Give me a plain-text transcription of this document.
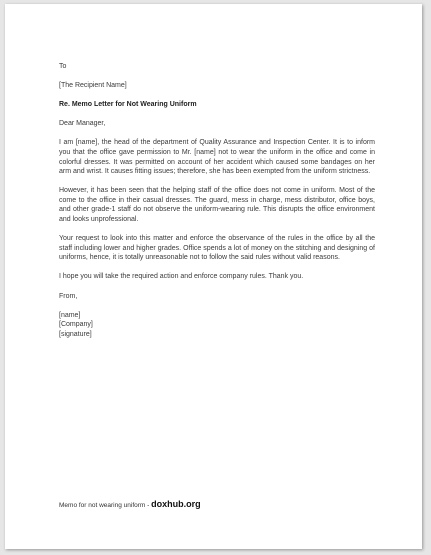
To

[The Recipient Name]

Re. Memo Letter for Not Wearing Uniform

Dear Manager,

I am [name], the head of the department of Quality Assurance and Inspection Center. It is to inform you that the office gave permission to Mr. [name] not to wear the uniform in the office and come in colorful dresses. It was permitted on account of her accident which caused some bandages on her arm and wrist. It causes fitting issues; therefore, she has been exempted from the uniform strictness.

However, it has been seen that the helping staff of the office does not come in uniform. Most of the come to the office in their casual dresses. The guard, mess in charge, mess distributor, office boys, and other grade-1 staff do not observe the uniform-wearing rule. This disrupts the office environment and looks unprofessional.

Your request to look into this matter and enforce the observance of the rules in the office by all the staff including lower and higher grades. Office spends a lot of money on the stitching and designing of uniforms, hence, it is totally unreasonable not to follow the said rules without valid reasons.

I hope you will take the required action and enforce company rules. Thank you.

From,

[name]

[Company]

[signature]

Memo for not wearing uniform - doxhub.org
